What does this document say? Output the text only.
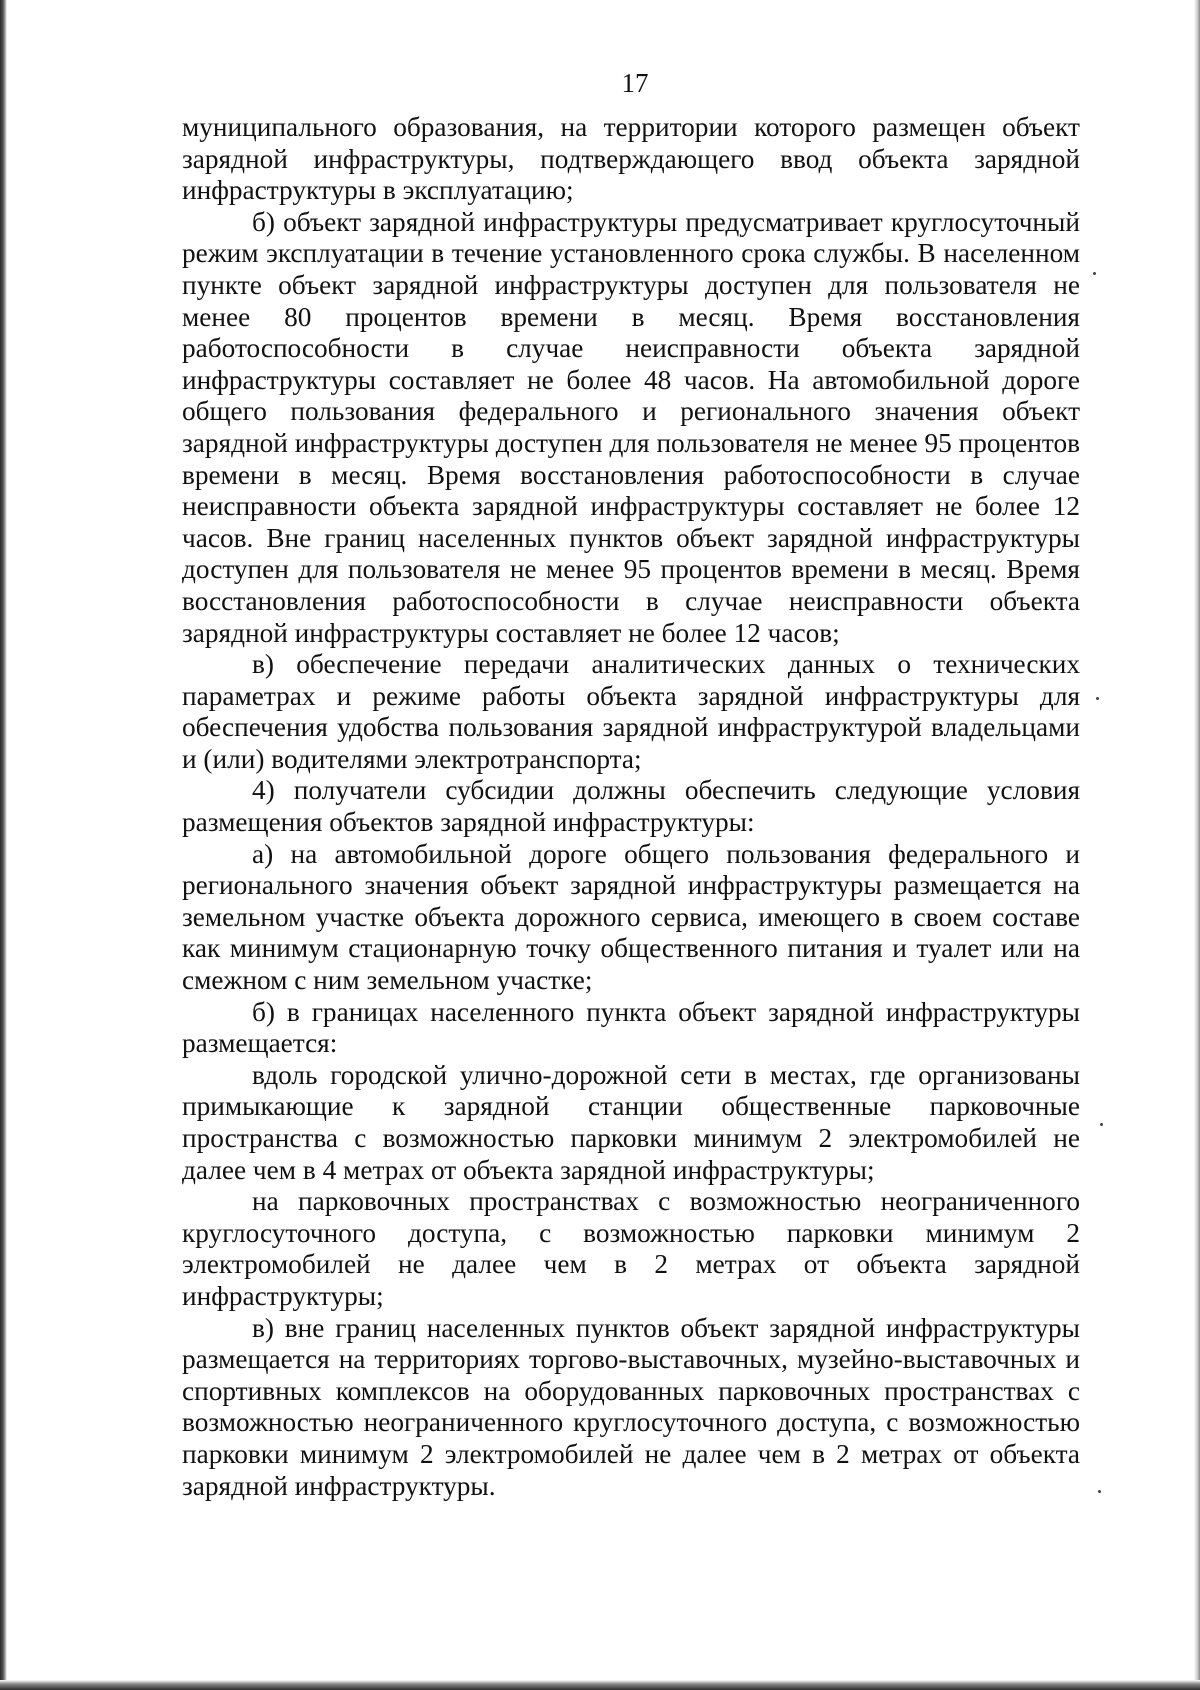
17

муниципального образования, на территории которого размещен объект зарядной инфраструктуры, подтверждающего ввод объекта зарядной инфраструктуры в эксплуатацию;

б) объект зарядной инфраструктуры предусматривает круглосуточный режим эксплуатации в течение установленного срока службы. В населенном пункте объект зарядной инфраструктуры доступен для пользователя не менее 80 процентов времени в месяц. Время восстановления работоспособности в случае неисправности объекта зарядной инфраструктуры составляет не более 48 часов. На автомобильной дороге общего пользования федерального и регионального значения объект зарядной инфраструктуры доступен для пользователя не менее 95 процентов времени в месяц. Время восстановления работоспособности в случае неисправности объекта зарядной инфраструктуры составляет не более 12 часов. Вне границ населенных пунктов объект зарядной инфраструктуры доступен для пользователя не менее 95 процентов времени в месяц. Время восстановления работоспособности в случае неисправности объекта зарядной инфраструктуры составляет не более 12 часов;

в) обеспечение передачи аналитических данных о технических параметрах и режиме работы объекта зарядной инфраструктуры для обеспечения удобства пользования зарядной инфраструктурой владельцами и (или) водителями электротранспорта;

4) получатели субсидии должны обеспечить следующие условия размещения объектов зарядной инфраструктуры:

а) на автомобильной дороге общего пользования федерального и регионального значения объект зарядной инфраструктуры размещается на земельном участке объекта дорожного сервиса, имеющего в своем составе как минимум стационарную точку общественного питания и туалет или на смежном с ним земельном участке;

б) в границах населенного пункта объект зарядной инфраструктуры размещается:

вдоль городской улично-дорожной сети в местах, где организованы примыкающие к зарядной станции общественные парковочные пространства с возможностью парковки минимум 2 электромобилей не далее чем в 4 метрах от объекта зарядной инфраструктуры;

на парковочных пространствах с возможностью неограниченного круглосуточного доступа, с возможностью парковки минимум 2 электромобилей не далее чем в 2 метрах от объекта зарядной инфраструктуры;

в) вне границ населенных пунктов объект зарядной инфраструктуры размещается на территориях торгово-выставочных, музейно-выставочных и спортивных комплексов на оборудованных парковочных пространствах с возможностью неограниченного круглосуточного доступа, с возможностью парковки минимум 2 электромобилей не далее чем в 2 метрах от объекта зарядной инфраструктуры.
